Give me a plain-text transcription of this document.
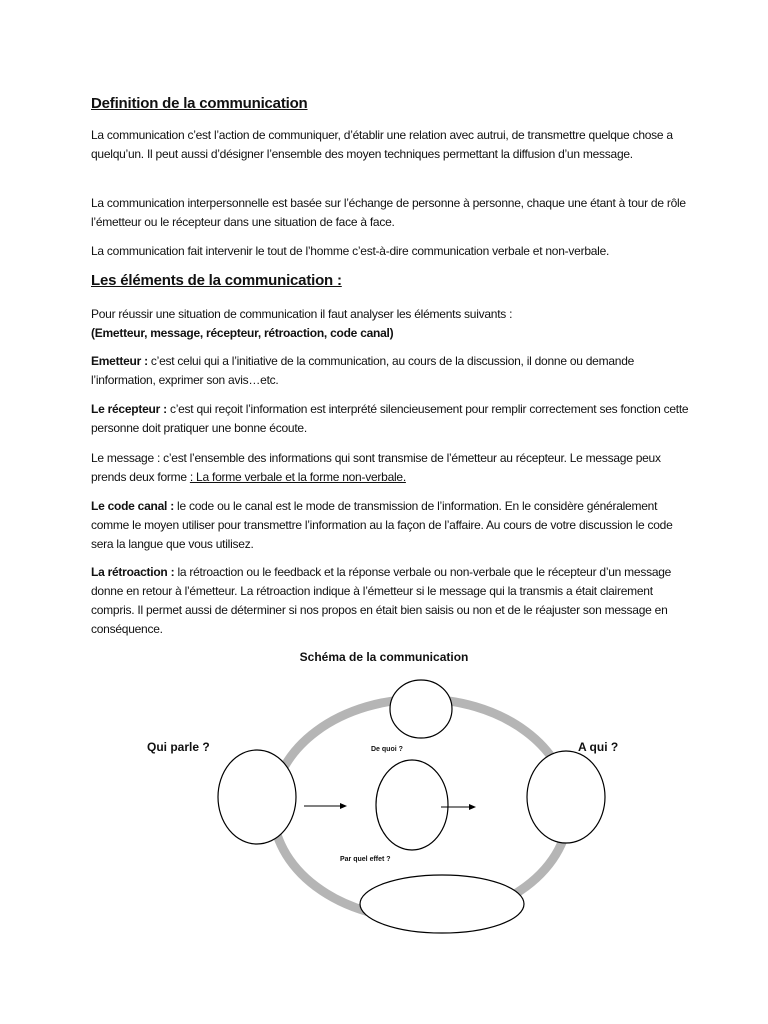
Definition de la communication
La communication c’est l’action de communiquer, d’établir une relation avec autrui, de transmettre quelque chose a quelqu’un. Il peut aussi d’désigner l’ensemble des moyen techniques permettant la diffusion d’un message.
La communication interpersonnelle est basée sur l’échange de personne à personne, chaque une étant à tour de rôle l’émetteur ou le récepteur dans une situation de face à face.
La communication fait intervenir le tout de l’homme c’est-à-dire communication verbale et non-verbale.
Les éléments de la communication :
Pour réussir une situation de communication il faut analyser les éléments suivants :
(Emetteur, message, récepteur, rétroaction, code canal)
Emetteur : c’est celui qui a l’initiative de la communication, au cours de la discussion, il donne ou demande l’information, exprimer son avis…etc.
Le récepteur : c’est qui reçoit l’information est interprété silencieusement pour remplir correctement ses fonction cette personne doit pratiquer une bonne écoute.
Le message : c’est l’ensemble des informations qui sont transmise de l’émetteur au récepteur. Le message peux prends deux forme : La forme verbale et la forme non-verbale.
Le code canal : le code ou le canal est le mode de transmission de l’information. En le considère généralement comme le moyen utiliser pour transmettre l’information au la façon de l’affaire. Au cours de votre discussion le code sera la langue que vous utilisez.
La rétroaction : la rétroaction ou le feedback et la réponse verbale ou non-verbale que le récepteur d’un message donne en retour à l’émetteur. La rétroaction indique à l’émetteur si le message qui la transmis a était clairement compris. Il permet aussi de déterminer si nos propos en était bien saisis ou non et de le réajuster son message en conséquence.
Schéma de la communication
Qui parle ?	A qui ?
De quoi ?
Par quel effet ?
